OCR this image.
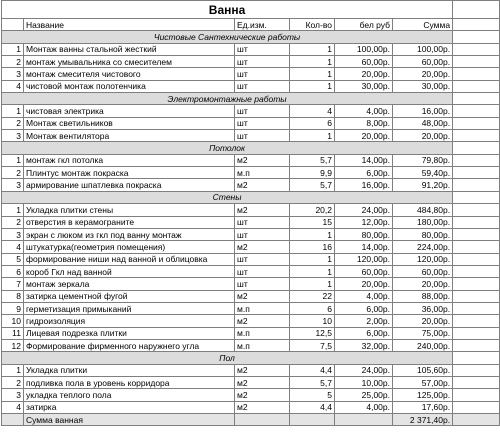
Ванна						
	Название	Ед.изм.	Кол-во	бел руб	Сумма	
Чистовые Сантехнические работы						
1	Монтаж ванны стальной жесткий	шт	1	100,00р.	100,00р.	
2	монтаж умывальника со смесителем	шт	1	60,00р.	60,00р.	
3	монтаж смесителя чистового	шт	1	20,00р.	20,00р.	
4	чистовой монтаж полотенчика	шт	1	30,00р.	30,00р.	
Электромонтажные работы						
1	чистовая электрика	шт	4	4,00р.	16,00р.	
2	Монтаж светильников	шт	6	8,00р.	48,00р.	
3	Монтаж вентилятора	шт	1	20,00р.	20,00р.	
Потолок						
1	монтаж гкл потолка	м2	5,7	14,00р.	79,80р.	
2	Плинтус монтаж покраска	м.п	9,9	6,00р.	59,40р.	
3	армирование шпатлевка покраска	м2	5,7	16,00р.	91,20р.	
Стены						
1	Укладка плитки стены	м2	20,2	24,00р.	484,80р.	
2	отверстия в керамограните	шт	15	12,00р.	180,00р.	
3	экран с люком из гкл под ванну монтаж	шт	1	80,00р.	80,00р.	
4	штукатурка(геометрия помещения)	м2	16	14,00р.	224,00р.	
5	формирование ниши над ванной и облицовка	шт	1	120,00р.	120,00р.	
6	короб Гкл над ванной	шт	1	60,00р.	60,00р.	
7	монтаж зеркала	шт	1	20,00р.	20,00р.	
8	затирка цементной фугой	м2	22	4,00р.	88,00р.	
9	герметизация примыканий	м.п	6	6,00р.	36,00р.	
10	гидроизоляция	м2	10	2,00р.	20,00р.	
11	Лицевая подрезка плитки	м.п	12,5	6,00р.	75,00р.	
12	Формирование фирменного наружнего угла	м.п	7,5	32,00р.	240,00р.	
Пол						
1	Укладка плитки	м2	4,4	24,00р.	105,60р.	
2	подливка пола в уровень корридора	м2	5,7	10,00р.	57,00р.	
3	укладка теплого пола	м2	5	25,00р.	125,00р.	
4	затирка	м2	4,4	4,00р.	17,60р.	
	Сумма ванная				2 371,40р.	
